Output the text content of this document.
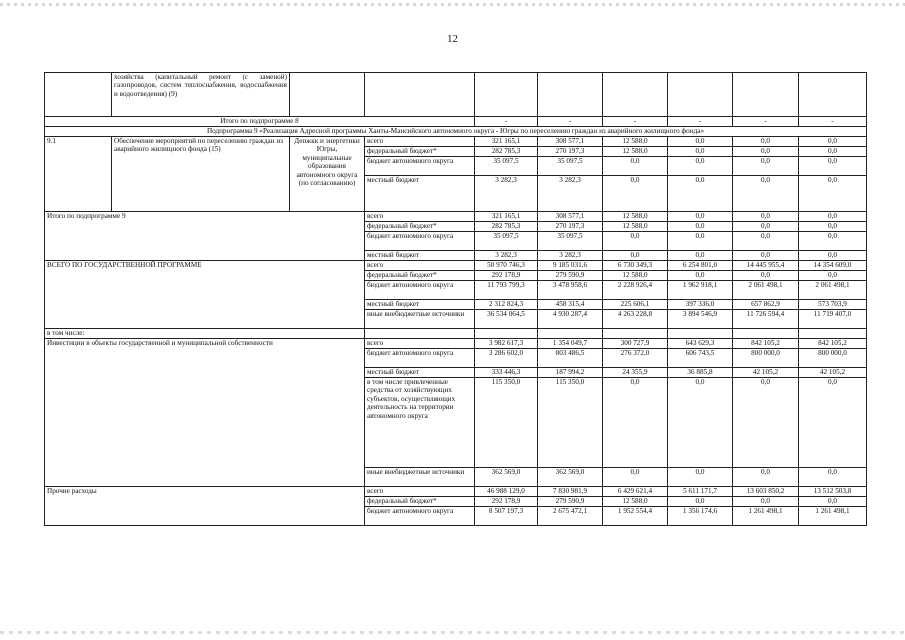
12
	хозяйства (капитальный ремонт (с заменой) газопроводов, систем теплоснабжения, водоснабжения и водоотведения) (9)								
Итого по подпрограмме 8				-	-	-	-	-	-
Подпрограмма 9 «Реализация Адресной программы Ханты-Мансийского автономного округа - Югры по переселению граждан из аварийного жилищного фонда»									
9.1	Обеспечение мероприятий по переселению граждан из аварийного жилищного фонда (15)	Депжкк и энергетики Югры, муниципальные образования автономного округа (по согласованию)	всего	321 165,1	308 577,1	12 588,0	0,0	0,0	0,0
			федеральный бюджет*	282 785,3	270 197,3	12 588,0	0,0	0,0	0,0
			бюджет автономного округа	35 097,5	35 097,5	0,0	0,0	0,0	0,0
			местный бюджет	3 282,3	3 282,3	0,0	0,0	0,0	0,0
Итого по подпрограмме 9			всего	321 165,1	308 577,1	12 588,0	0,0	0,0	0,0
			федеральный бюджет*	282 785,3	270 197,3	12 588,0	0,0	0,0	0,0
			бюджет автономного округа	35 097,5	35 097,5	0,0	0,0	0,0	0,0
			местный бюджет	3 282,3	3 282,3	0,0	0,0	0,0	0,0
ВСЕГО ПО ГОСУДАРСТВЕННОЙ ПРОГРАММЕ			всего	50 970 746,3	9 185 031,6	6 730 349,3	6 254 801,0	14 445 955,4	14 354 609,0
			федеральный бюджет*	292 178,9	279 590,9	12 588,0	0,0	0,0	0,0
			бюджет автономного округа	11 793 799,3	3 478 958,6	2 228 926,4	1 962 918,1	2 061 498,1	2 061 498,1
			местный бюджет	2 312 824,3	458 315,4	225 606,1	397 336,0	657 862,9	573 703,9
			иные внебюджетные источники	36 534 064,5	4 930 287,4	4 263 228,8	3 894 546,9	11 726 594,4	11 719 407,0
в том числе:									
Инвестиции в объекты государственной и муниципальной собственности			всего	3 982 617,3	1 354 049,7	300 727,9	643 629,3	842 105,2	842 105,2
			бюджет автономного округа	3 286 602,0	803 486,5	276 372,0	606 743,5	800 000,0	800 000,0
			местный бюджет	333 446,3	187 994,2	24 355,9	36 885,8	42 105,2	42 105,2
			в том числе привлеченные средства от хозяйствующих субъектов, осуществляющих деятельность на территории автономного округа	115 350,0	115 350,0	0,0	0,0	0,0	0,0
			иные внебюджетные источники	362 569,0	362 569,0	0,0	0,0	0,0	0,0
Прочие расходы			всего	46 988 129,0	7 830 981,9	6 429 621,4	5 611 171,7	13 603 850,2	13 512 503,8
			федеральный бюджет*	292 178,9	279 590,9	12 588,0	0,0	0,0	0,0
			бюджет автономного округа	8 507 197,3	2 675 472,1	1 952 554,4	1 356 174,6	1 261 498,1	1 261 498,1
